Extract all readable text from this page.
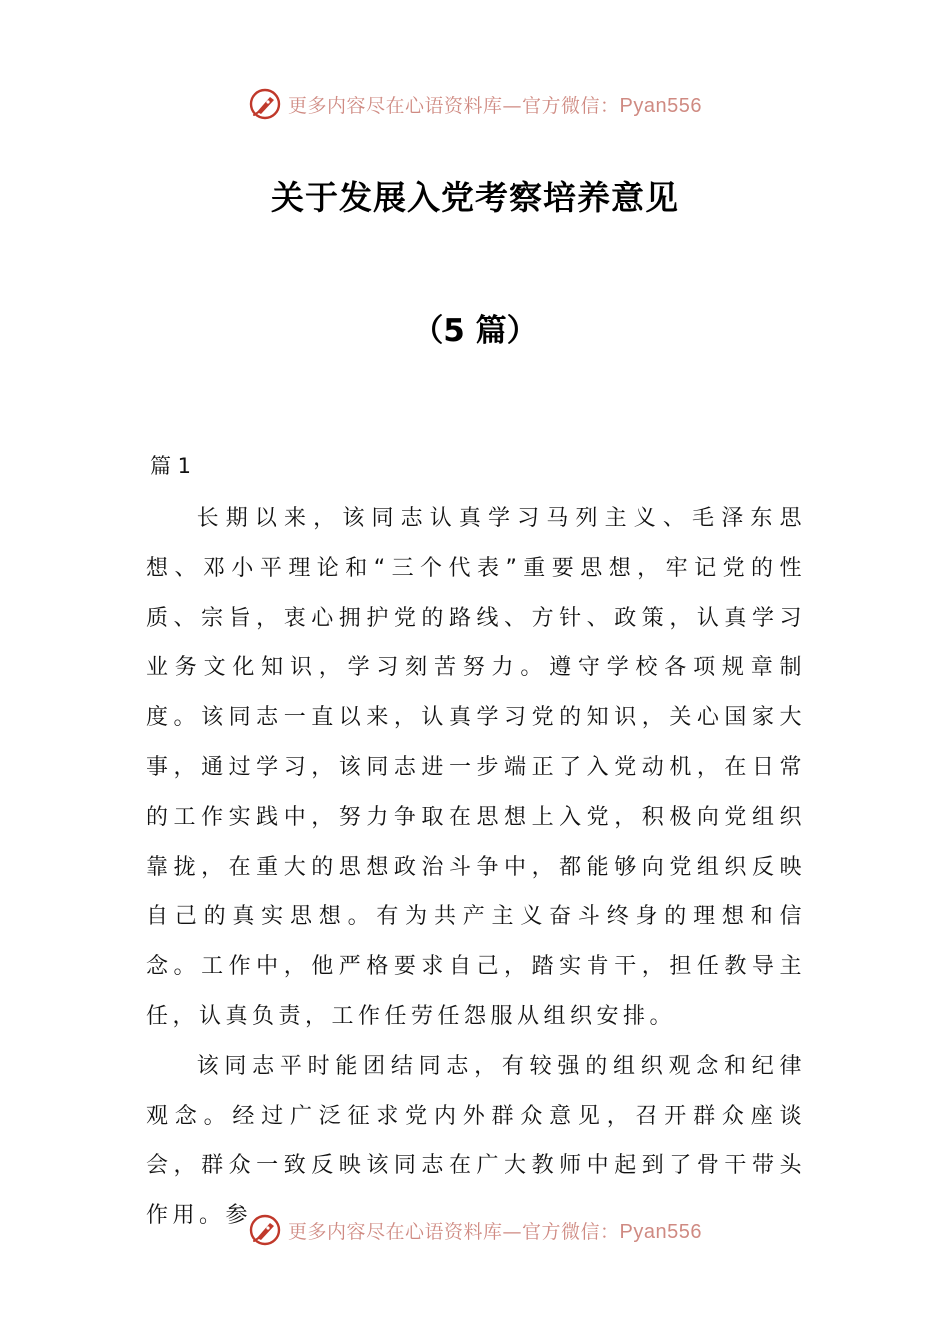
更多内容尽在心语资料库—官方微信：Pyan556
关于发展入党考察培养意见
（5 篇）
篇 1

长期以来，该同志认真学习马列主义、毛泽东思想、邓小平理论和“三个代表”重要思想，牢记党的性质、宗旨，衷心拥护党的路线、方针、政策，认真学习业务文化知识，学习刻苦努力。遵守学校各项规章制度。该同志一直以来，认真学习党的知识，关心国家大事，通过学习，该同志进一步端正了入党动机，在日常的工作实践中，努力争取在思想上入党，积极向党组织靠拢，在重大的思想政治斗争中，都能够向党组织反映自己的真实思想。有为共产主义奋斗终身的理想和信念。工作中，他严格要求自己，踏实肯干，担任教导主任，认真负责，工作任劳任怨服从组织安排。

该同志平时能团结同志，有较强的组织观念和纪律观念。经过广泛征求党内外群众意见，召开群众座谈会，群众一致反映该同志在广大教师中起到了骨干带头作用。参

更多内容尽在心语资料库—官方微信：Pyan556
